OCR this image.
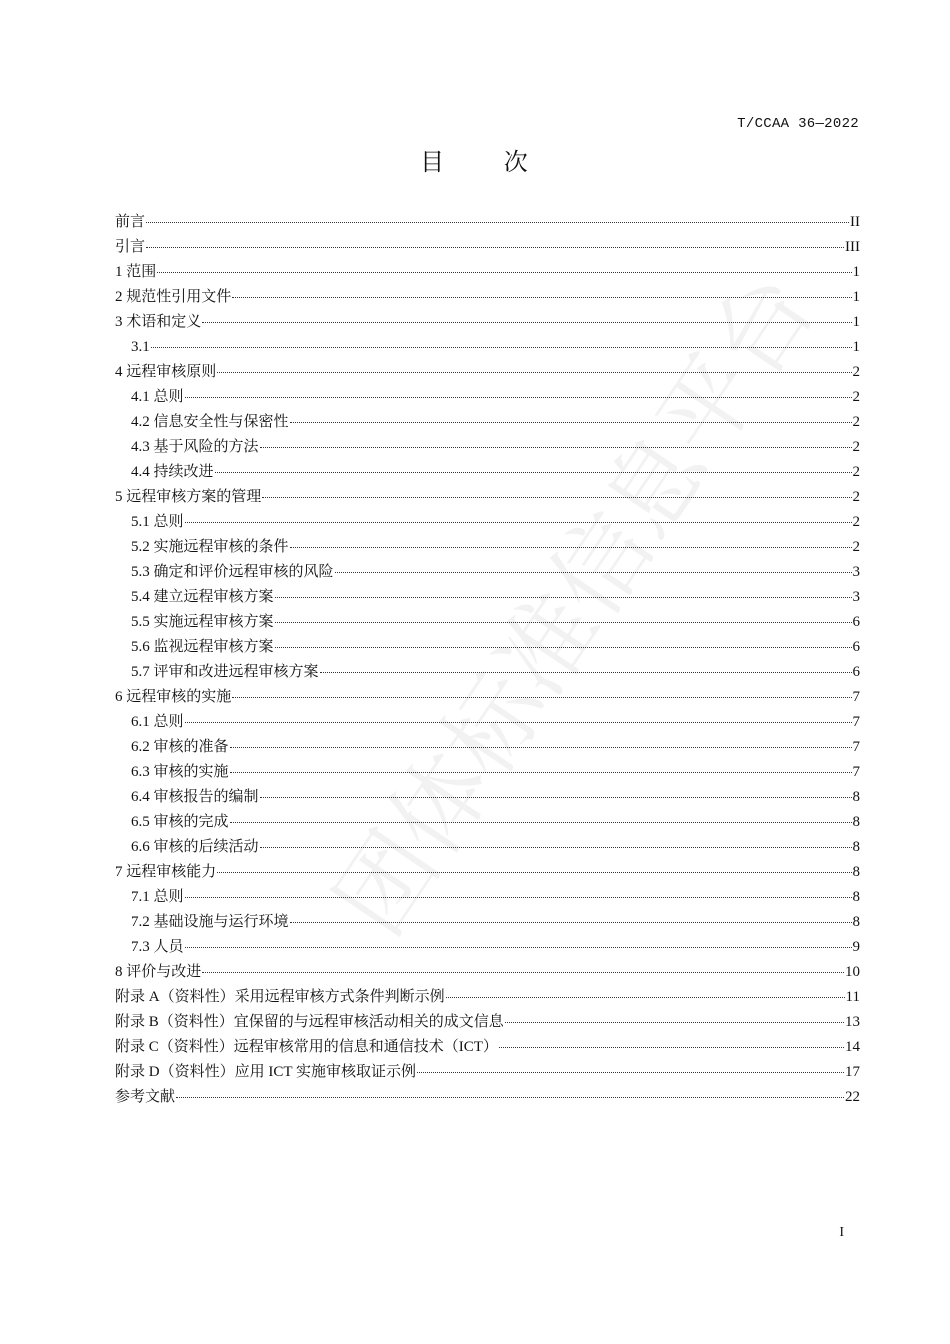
T/CCAA 36—2022
目 次
团体标准信息平台
前言	II
引言	III
1 范围	1
2 规范性引用文件	1
3 术语和定义	1
3.1	1
4 远程审核原则	2
4.1 总则	2
4.2 信息安全性与保密性	2
4.3 基于风险的方法	2
4.4 持续改进	2
5 远程审核方案的管理	2
5.1 总则	2
5.2 实施远程审核的条件	2
5.3 确定和评价远程审核的风险	3
5.4 建立远程审核方案	3
5.5 实施远程审核方案	6
5.6 监视远程审核方案	6
5.7 评审和改进远程审核方案	6
6 远程审核的实施	7
6.1 总则	7
6.2 审核的准备	7
6.3 审核的实施	7
6.4 审核报告的编制	8
6.5 审核的完成	8
6.6 审核的后续活动	8
7 远程审核能力	8
7.1 总则	8
7.2 基础设施与运行环境	8
7.3 人员	9
8 评价与改进	10
附录 A（资料性）采用远程审核方式条件判断示例	11
附录 B（资料性）宜保留的与远程审核活动相关的成文信息	13
附录 C（资料性）远程审核常用的信息和通信技术（ICT）	14
附录 D（资料性）应用 ICT 实施审核取证示例	17
参考文献	22
I
